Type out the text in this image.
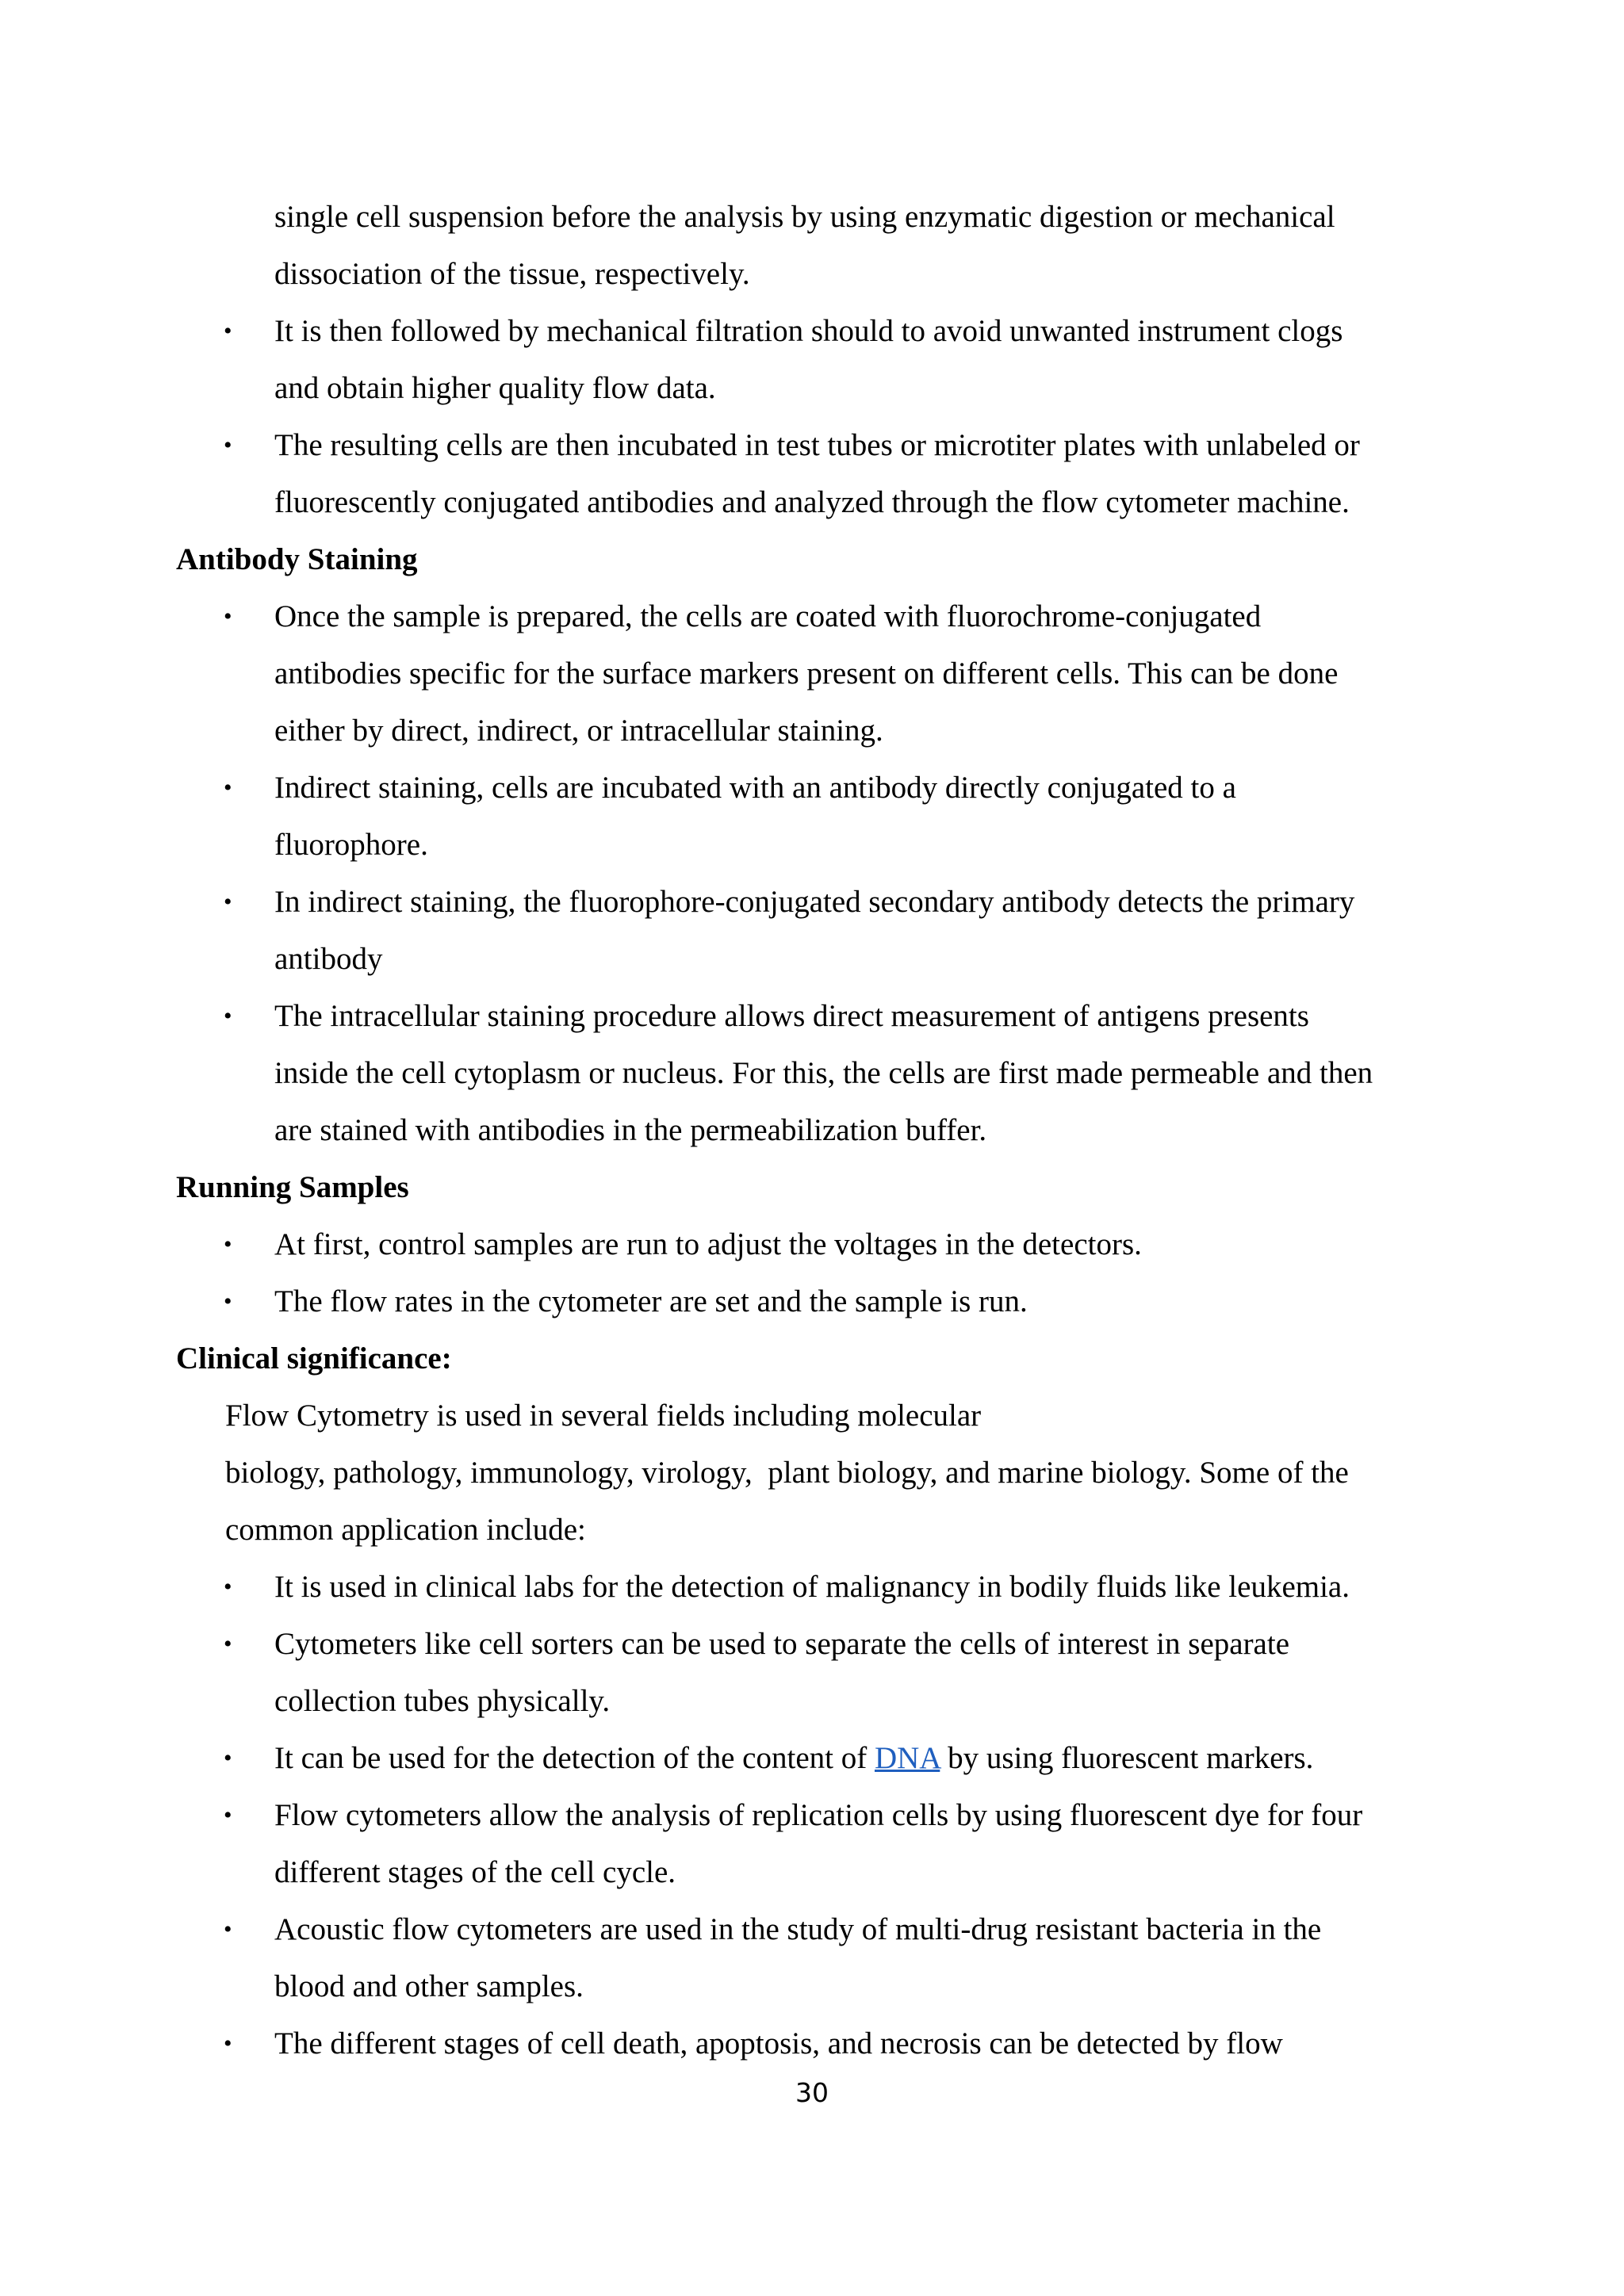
single cell suspension before the analysis by using enzymatic digestion or mechanical
dissociation of the tissue, respectively.
• It is then followed by mechanical filtration should to avoid unwanted instrument clogs
and obtain higher quality flow data.
• The resulting cells are then incubated in test tubes or microtiter plates with unlabeled or
fluorescently conjugated antibodies and analyzed through the flow cytometer machine.
Antibody Staining
• Once the sample is prepared, the cells are coated with fluorochrome-conjugated
antibodies specific for the surface markers present on different cells. This can be done
either by direct, indirect, or intracellular staining.
• Indirect staining, cells are incubated with an antibody directly conjugated to a
fluorophore.
• In indirect staining, the fluorophore-conjugated secondary antibody detects the primary
antibody
• The intracellular staining procedure allows direct measurement of antigens presents
inside the cell cytoplasm or nucleus. For this, the cells are first made permeable and then
are stained with antibodies in the permeabilization buffer.
Running Samples
• At first, control samples are run to adjust the voltages in the detectors.
• The flow rates in the cytometer are set and the sample is run.
Clinical significance:
Flow Cytometry is used in several fields including molecular
biology, pathology, immunology, virology,  plant biology, and marine biology. Some of the
common application include:
• It is used in clinical labs for the detection of malignancy in bodily fluids like leukemia.
• Cytometers like cell sorters can be used to separate the cells of interest in separate
collection tubes physically.
• It can be used for the detection of the content of DNA by using fluorescent markers.
• Flow cytometers allow the analysis of replication cells by using fluorescent dye for four
different stages of the cell cycle.
• Acoustic flow cytometers are used in the study of multi-drug resistant bacteria in the
blood and other samples.
• The different stages of cell death, apoptosis, and necrosis can be detected by flow
30
